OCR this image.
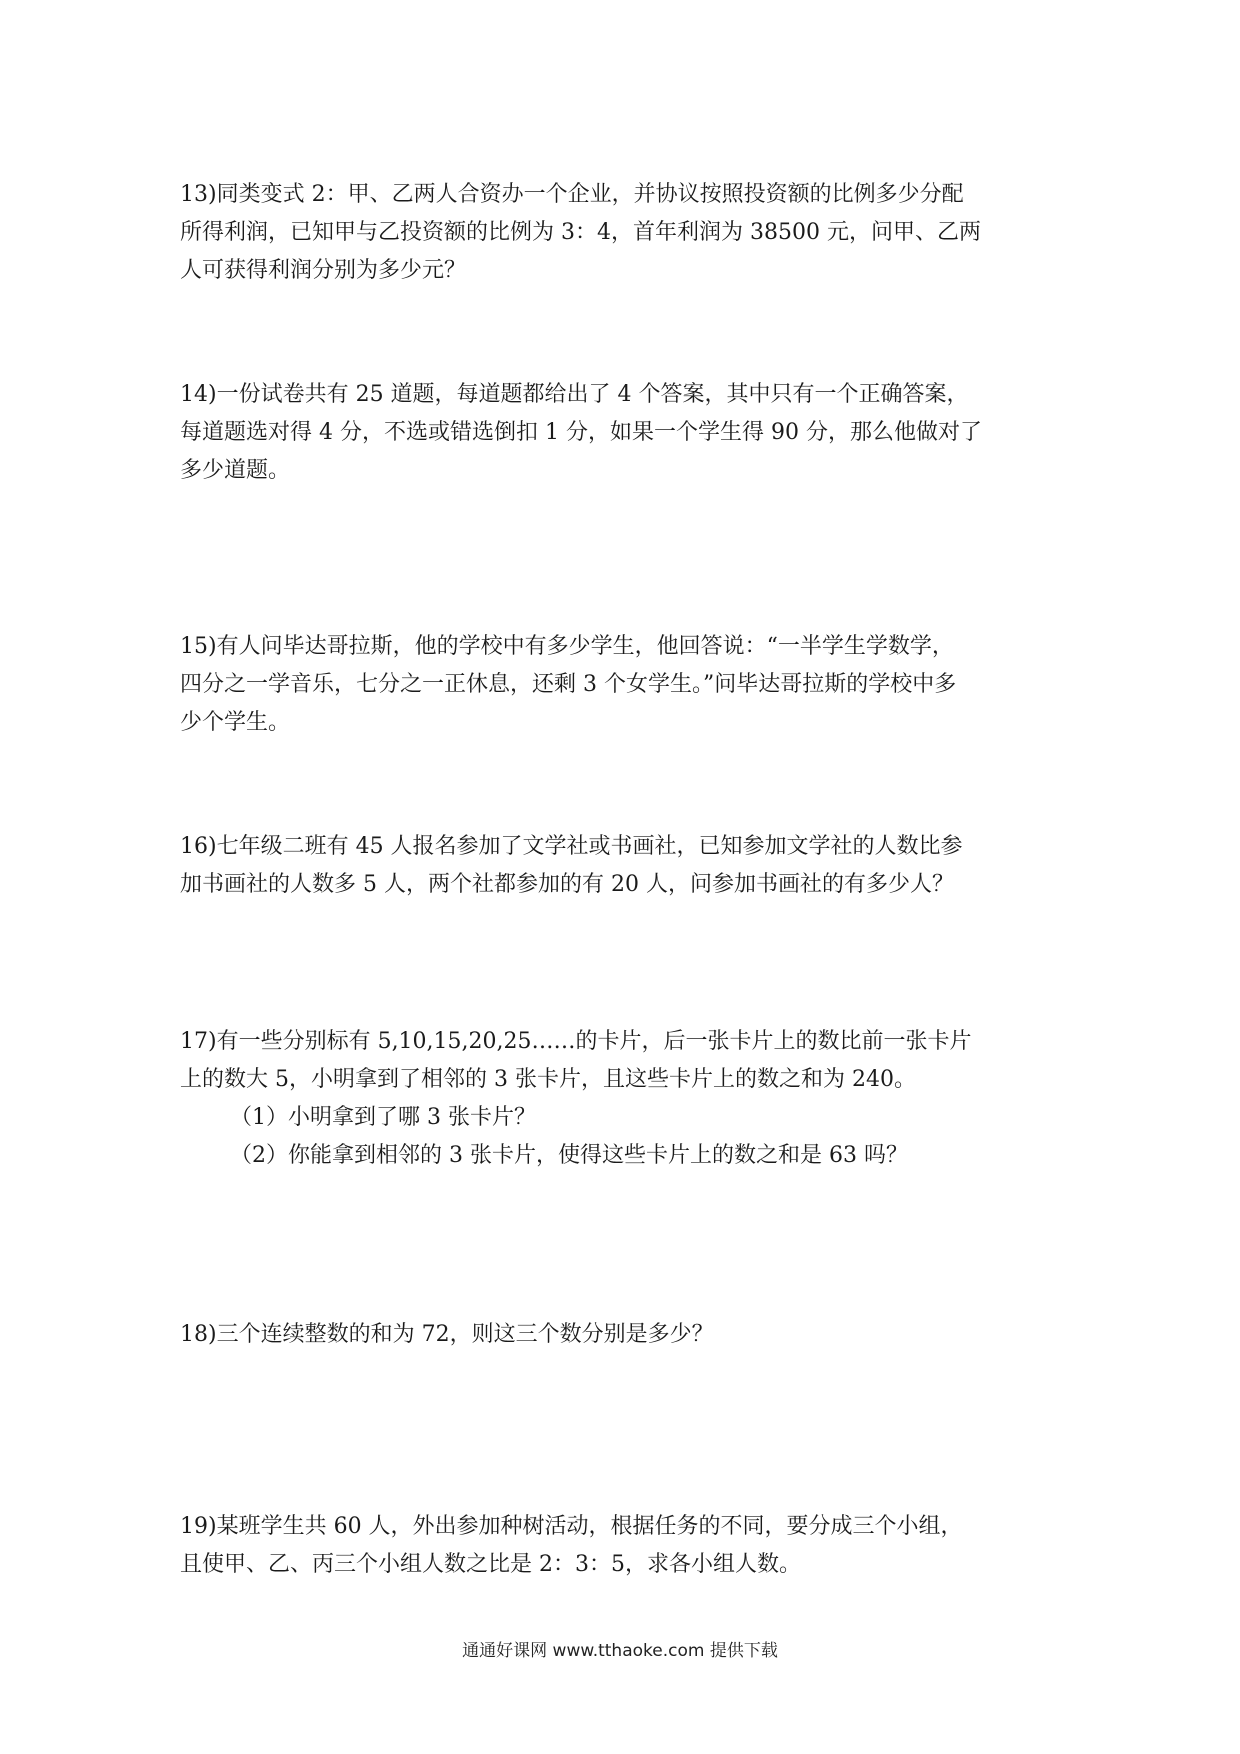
13)同类变式 2：甲、乙两人合资办一个企业，并协议按照投资额的比例多少分配
所得利润，已知甲与乙投资额的比例为 3：4，首年利润为 38500 元，问甲、乙两
人可获得利润分别为多少元？
14)一份试卷共有 25 道题，每道题都给出了 4 个答案，其中只有一个正确答案，
每道题选对得 4 分，不选或错选倒扣 1 分，如果一个学生得 90 分，那么他做对了
多少道题。
15)有人问毕达哥拉斯，他的学校中有多少学生，他回答说：“一半学生学数学，
四分之一学音乐，七分之一正休息，还剩 3 个女学生。”问毕达哥拉斯的学校中多
少个学生。
16)七年级二班有 45 人报名参加了文学社或书画社，已知参加文学社的人数比参
加书画社的人数多 5 人，两个社都参加的有 20 人，问参加书画社的有多少人？
17)有一些分别标有 5,10,15,20,25……的卡片，后一张卡片上的数比前一张卡片
上的数大 5，小明拿到了相邻的 3 张卡片，且这些卡片上的数之和为 240。
（1）小明拿到了哪 3 张卡片？
（2）你能拿到相邻的 3 张卡片，使得这些卡片上的数之和是 63 吗？
18)三个连续整数的和为 72，则这三个数分别是多少？
19)某班学生共 60 人，外出参加种树活动，根据任务的不同，要分成三个小组，
且使甲、乙、丙三个小组人数之比是 2：3：5，求各小组人数。
通通好课网 www.tthaoke.com 提供下载
